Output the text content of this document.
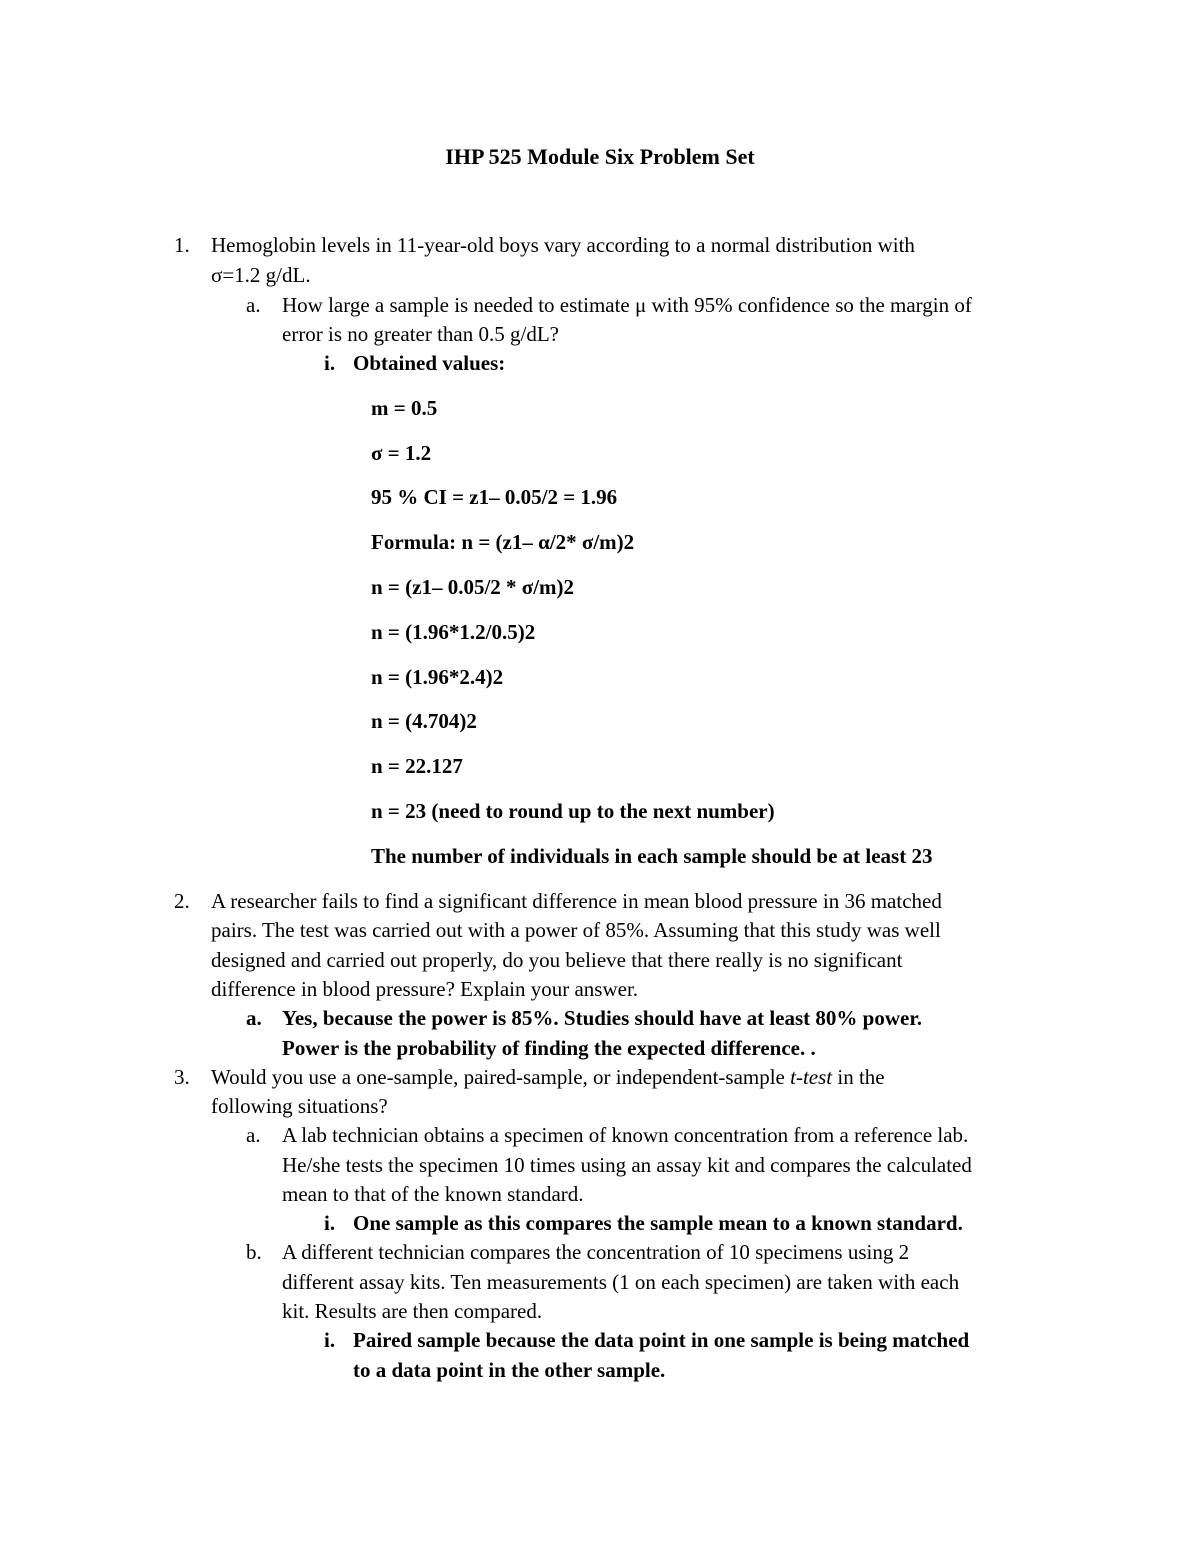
IHP 525 Module Six Problem Set
1. Hemoglobin levels in 11-year-old boys vary according to a normal distribution with
σ=1.2 g/dL.
a. How large a sample is needed to estimate μ with 95% confidence so the margin of
error is no greater than 0.5 g/dL?
i. Obtained values:
m = 0.5
σ = 1.2
95 % CI = z1– 0.05/2 = 1.96
Formula: n = (z1– α/2* σ/m)2
n = (z1– 0.05/2 * σ/m)2
n = (1.96*1.2/0.5)2
n = (1.96*2.4)2
n = (4.704)2
n = 22.127
n = 23 (need to round up to the next number)
The number of individuals in each sample should be at least 23
2. A researcher fails to find a significant difference in mean blood pressure in 36 matched
pairs. The test was carried out with a power of 85%. Assuming that this study was well
designed and carried out properly, do you believe that there really is no significant
difference in blood pressure? Explain your answer.
a. Yes, because the power is 85%. Studies should have at least 80% power.
Power is the probability of finding the expected difference. .
3. Would you use a one-sample, paired-sample, or independent-sample t-test in the
following situations?
a. A lab technician obtains a specimen of known concentration from a reference lab.
He/she tests the specimen 10 times using an assay kit and compares the calculated
mean to that of the known standard.
i. One sample as this compares the sample mean to a known standard.
b. A different technician compares the concentration of 10 specimens using 2
different assay kits. Ten measurements (1 on each specimen) are taken with each
kit. Results are then compared.
i. Paired sample because the data point in one sample is being matched
to a data point in the other sample.
